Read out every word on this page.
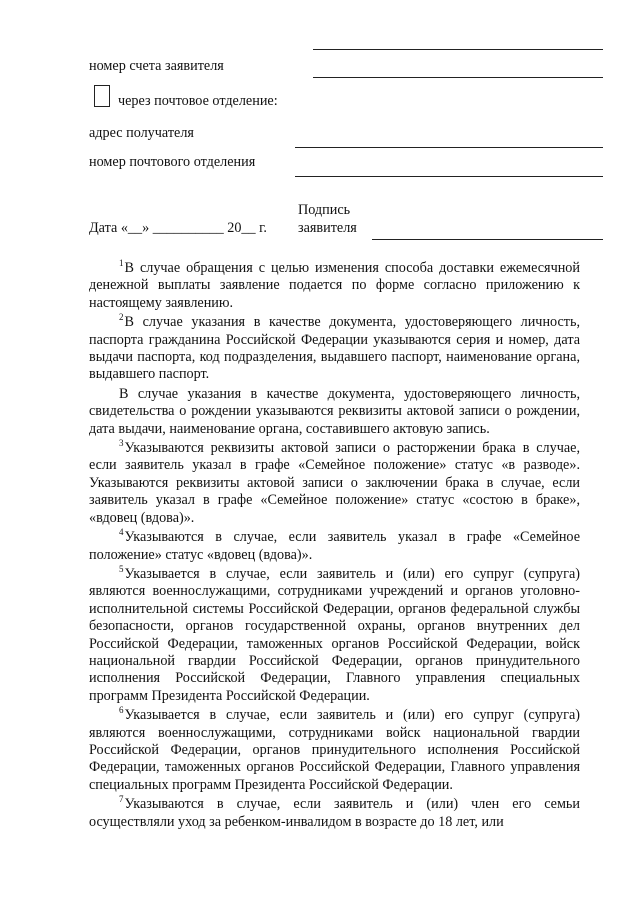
номер счета заявителя
через почтовое отделение:
адрес получателя
номер почтового отделения
Подпись
Дата «__» __________ 20__ г. заявителя

$^1$В случае обращения с целью изменения способа доставки ежемесячной денежной выплаты заявление подается по форме согласно приложению к настоящему заявлению.

$^2$В случае указания в качестве документа, удостоверяющего личность, паспорта гражданина Российской Федерации указываются серия и номер, дата выдачи паспорта, код подразделения, выдавшего паспорт, наименование органа, выдавшего паспорт.

В случае указания в качестве документа, удостоверяющего личность, свидетельства о рождении указываются реквизиты актовой записи о рождении, дата выдачи, наименование органа, составившего актовую запись.

$^3$Указываются реквизиты актовой записи о расторжении брака в случае, если заявитель указал в графе «Семейное положение» статус «в разводе». Указываются реквизиты актовой записи о заключении брака в случае, если заявитель указал в графе «Семейное положение» статус «состою в браке», «вдовец (вдова)».

$^4$Указываются в случае, если заявитель указал в графе «Семейное положение» статус «вдовец (вдова)».

$^5$Указывается в случае, если заявитель и (или) его супруг (супруга) являются военнослужащими, сотрудниками учреждений и органов уголовно-исполнительной системы Российской Федерации, органов федеральной службы безопасности, органов государственной охраны, органов внутренних дел Российской Федерации, таможенных органов Российской Федерации, войск национальной гвардии Российской Федерации, органов принудительного исполнения Российской Федерации, Главного управления специальных программ Президента Российской Федерации.

$^6$Указывается в случае, если заявитель и (или) его супруг (супруга) являются военнослужащими, сотрудниками войск национальной гвардии Российской Федерации, органов принудительного исполнения Российской Федерации, таможенных органов Российской Федерации, Главного управления специальных программ Президента Российской Федерации.

$^7$Указываются в случае, если заявитель и (или) член его семьи осуществляли уход за ребенком-инвалидом в возрасте до 18 лет, или
